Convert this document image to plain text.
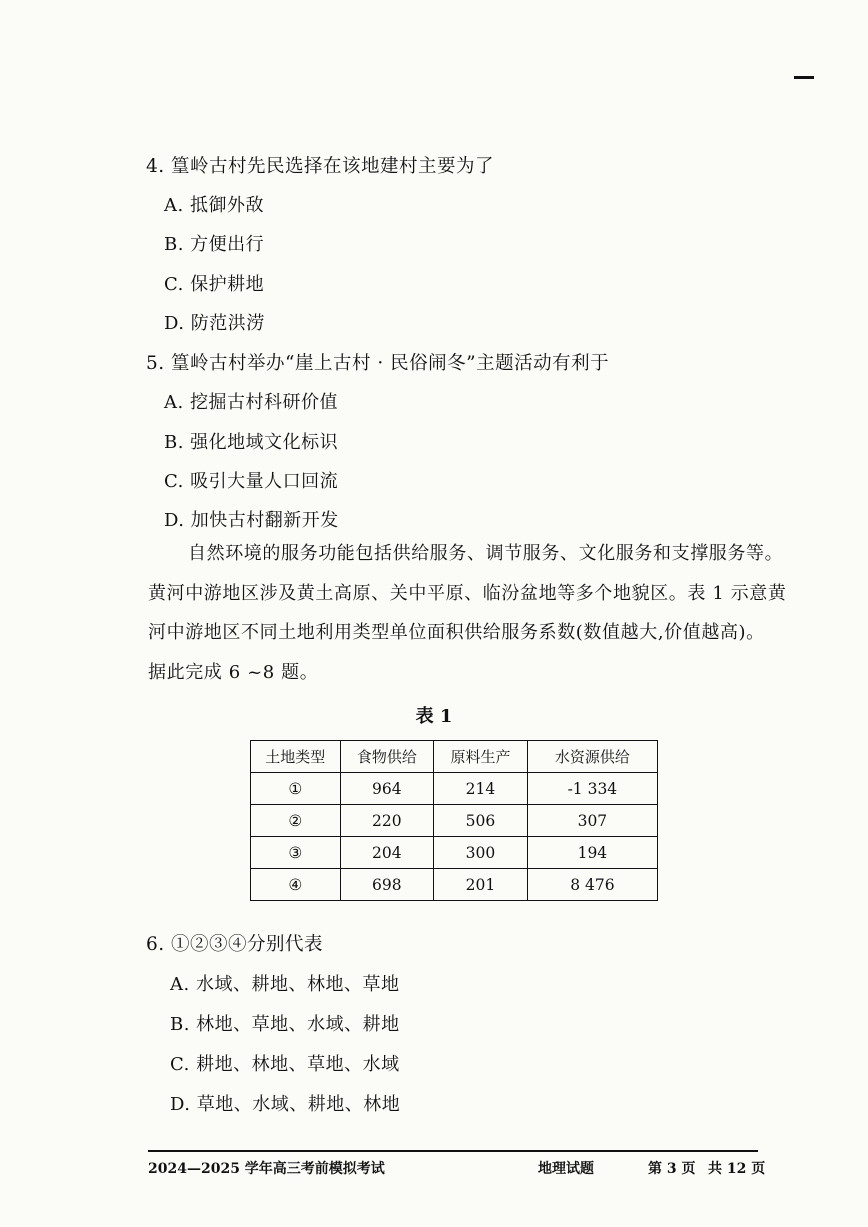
4. 篁岭古村先民选择在该地建村主要为了
A. 抵御外敌
B. 方便出行
C. 保护耕地
D. 防范洪涝
5. 篁岭古村举办“崖上古村 · 民俗闹冬”主题活动有利于
A. 挖掘古村科研价值
B. 强化地域文化标识
C. 吸引大量人口回流
D. 加快古村翻新开发
自然环境的服务功能包括供给服务、调节服务、文化服务和支撑服务等。
黄河中游地区涉及黄土高原、关中平原、临汾盆地等多个地貌区。表 1 示意黄
河中游地区不同土地利用类型单位面积供给服务系数(数值越大,价值越高)。
据此完成 6 ~8 题。
表 1
土地类型	食物供给	原料生产	水资源供给
①	964	214	-1 334
②	220	506	307
③	204	300	194
④	698	201	8 476
6. ①②③④分别代表
A. 水域、耕地、林地、草地
B. 林地、草地、水域、耕地
C. 耕地、林地、草地、水域
D. 草地、水域、耕地、林地
2024—2025 学年高三考前模拟考试	地理试题	第 3 页 共 12 页
